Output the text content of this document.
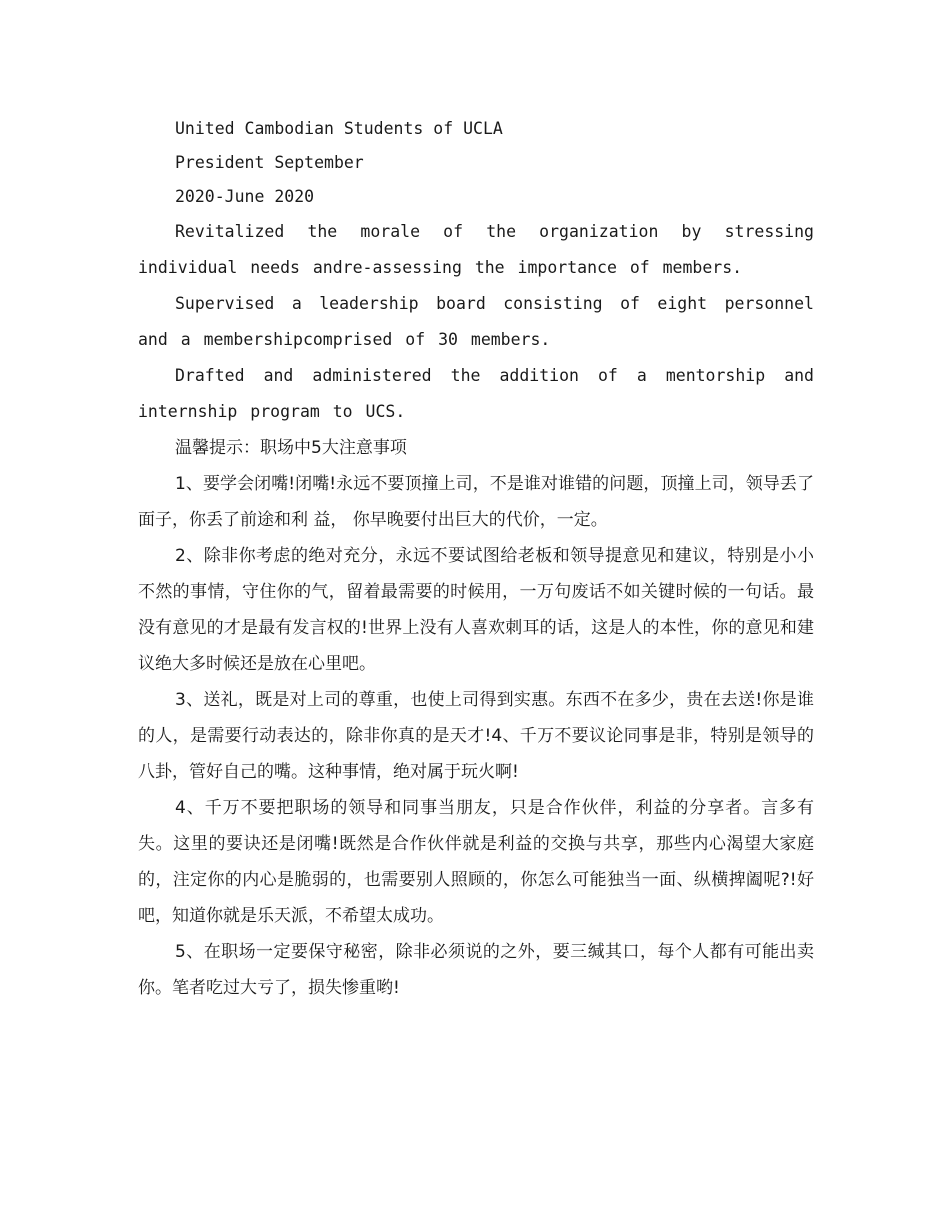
United Cambodian Students of UCLA

President September

2020-June 2020

Revitalized the morale of the organization by stressing individual needs andre-assessing the importance of members.

Supervised a leadership board consisting of eight personnel and a membershipcomprised of 30 members.

Drafted and administered the addition of a mentorship and internship program to UCS.

温馨提示：职场中5大注意事项

1、要学会闭嘴!闭嘴!永远不要顶撞上司，不是谁对谁错的问题，顶撞上司，领导丢了面子，你丢了前途和利 益， 你早晚要付出巨大的代价，一定。

2、除非你考虑的绝对充分，永远不要试图给老板和领导提意见和建议，特别是小小不然的事情，守住你的气，留着最需要的时候用，一万句废话不如关键时候的一句话。最没有意见的才是最有发言权的!世界上没有人喜欢刺耳的话，这是人的本性，你的意见和建议绝大多时候还是放在心里吧。

3、送礼，既是对上司的尊重，也使上司得到实惠。东西不在多少，贵在去送!你是谁的人，是需要行动表达的，除非你真的是天才!4、千万不要议论同事是非，特别是领导的八卦，管好自己的嘴。这种事情，绝对属于玩火啊!

4、千万不要把职场的领导和同事当朋友，只是合作伙伴，利益的分享者。言多有失。这里的要诀还是闭嘴!既然是合作伙伴就是利益的交换与共享，那些内心渴望大家庭的，注定你的内心是脆弱的，也需要别人照顾的，你怎么可能独当一面、纵横捭阖呢?!好吧，知道你就是乐天派，不希望太成功。

5、在职场一定要保守秘密，除非必须说的之外，要三缄其口，每个人都有可能出卖你。笔者吃过大亏了，损失惨重哟!
